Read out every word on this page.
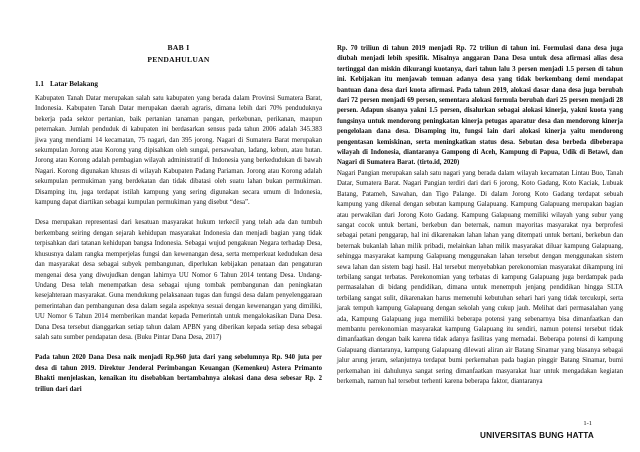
BAB I
PENDAHULUAN
1.1 Latar Belakang

Kabupaten Tanah Datar merupakan salah satu kabupaten yang berada dalam Provinsi Sumatera Barat, Indonesia. Kabupaten Tanah Datar merupakan daerah agraris, dimana lebih dari 70% penduduknya bekerja pada sektor pertanian, baik pertanian tanaman pangan, perkebunan, perikanan, maupun peternakan. Jumlah penduduk di kabupaten ini berdasarkan sensus pada tahun 2006 adalah 345.383 jiwa yang mendiami 14 kecamatan, 75 nagari, dan 395 jorong. Nagari di Sumatera Barat merupakan sekumpulan Jorong atau Korong yang dipisahkan oleh sungai, persawahan, ladang, kebun, atau hutan. Jorong atau Korong adalah pembagian wilayah administratif di Indonesia yang berkedudukan di bawah Nagari. Korong digunakan khusus di wilayah Kabupaten Padang Pariaman. Jorong atau Korong adalah sekumpulan permukiman yang berdekatan dan tidak dibatasi oleh suatu lahan bukan permukiman. Disamping itu, juga terdapat istilah kampung yang sering digunakan secara umum di Indonesia, kampung dapat diartikan sebagai kumpulan permukiman yang disebut “desa”.

Desa merupakan representasi dari kesatuan masyarakat hukum terkecil yang telah ada dan tumbuh berkembang seiring dengan sejarah kehidupan masyarakat Indonesia dan menjadi bagian yang tidak terpisahkan dari tatanan kehidupan bangsa Indonesia. Sebagai wujud pengakuan Negara terhadap Desa, khususnya dalam rangka memperjelas fungsi dan kewenangan desa, serta memperkuat kedudukan desa dan masyarakat desa sebagai subyek pembangunan, diperlukan kebijakan penataan dan pengaturan mengenai desa yang diwujudkan dengan lahirnya UU Nomor 6 Tahun 2014 tentang Desa. Undang-Undang Desa telah menempatkan desa sebagai ujung tombak pembangunan dan peningkatan kesejahteraan masyarakat. Guna mendukung pelaksanaan tugas dan fungsi desa dalam penyelenggaraan pemerintahan dan pembangunan desa dalam segala aspeknya sesuai dengan kewenangan yang dimiliki, UU Nomor 6 Tahun 2014 memberikan mandat kepada Pemerintah untuk mengalokasikan Dana Desa. Dana Desa tersebut dianggarkan setiap tahun dalam APBN yang diberikan kepada setiap desa sebagai salah satu sumber pendapatan desa. (Buku Pintar Dana Desa, 2017)

Pada tahun 2020 Dana Desa naik menjadi Rp.960 juta dari yang sebelumnya Rp. 940 juta per desa di tahun 2019. Direktur Jenderal Perimbangan Keuangan (Kemenkeu) Astera Primanto Bhakti menjelaskan, kenaikan itu disebabkan bertambahnya alokasi dana desa sebesar Rp. 2 triliun dari dari

Rp. 70 triliun di tahun 2019 menjadi Rp. 72 triliun di tahun ini. Formulasi dana desa juga diubah menjadi lebih spesifik. Misalnya anggaran Dana Desa untuk desa afirmasi alias desa tertinggal dan miskin dikurangi kuotanya, dari tahun lalu 3 persen menjadi 1.5 persen di tahun ini. Kebijakan itu menjawab temuan adanya desa yang tidak berkembang demi mendapat bantuan dana desa dari kuota afirmasi. Pada tahun 2019, alokasi dasar dana desa juga berubah dari 72 persen menjadi 69 persen, sementara alokasi formula berubah dari 25 persen menjadi 28 persen. Adapun sisanya yakni 1.5 persen, disalurkan sebagai alokasi kinerja, yakni kuota yang fungsinya untuk mendorong peningkatan kinerja petugas aparatur desa dan mendorong kinerja pengelolaan dana desa. Disamping itu, fungsi lain dari alokasi kinerja yaitu mendorong pengentasan kemiskinan, serta meningkatkan status desa. Sebutan desa berbeda dibeberapa wilayah di Indonesia, diantaranya Gampong di Aceh, Kampung di Papua, Udik di Betawi, dan Nagari di Sumatera Barat. (tirto.id, 2020)

Nagari Pangian merupakan salah satu nagari yang berada dalam wilayah kecamatan Lintau Buo, Tanah Datar, Sumatera Barat. Nagari Pangian terdiri dari dari 6 jorong, Koto Gadang, Koto Kaciak, Lubuak Batang, Patameh, Sawahan, dan Tigo Palange. Di dalam Jorong Koto Gadang terdapat sebuah kampung yang dikenal dengan sebutan kampung Galapuang. Kampung Galapuang merupakan bagian atau perwakilan dari Jorong Koto Gadang. Kampung Galapuang memiliki wilayah yang subur yang sangat cocok untuk bertani, berkebun dan beternak, namun mayoritas masyarakat nya berprofesi sebagai petani penggarap, hal ini dikarenakan lahan lahan yang ditempati untuk bertani, berkebun dan beternak bukanlah lahan milik pribadi, melainkan lahan milik masyarakat diluar kampung Galapuang, sehingga masyarakat kampung Galapuang menggunakan lahan tersebut dengan menggunakan sistem sewa lahan dan sistem bagi hasil. Hal tersebut menyebabkan perekonomian masyarakat dikampung ini terbilang sangat terbatas. Perekonomian yang terbatas di kampung Galapuang juga berdampak pada permasalahan di bidang pendidikan, dimana untuk menempuh jenjang pendidikan hingga SLTA terbilang sangat sulit, dikarenakan harus memenuhi kebutuhan sehari hari yang tidak tercukupi, serta jarak tempuh kampung Galapuang dengan sekolah yang cukup jauh. Melihat dari permasalahan yang ada, Kampung Galapuang juga memiliki beberapa potensi yang sebenarnya bisa dimanfaatkan dan membantu perekonomian masyarakat kampung Galapuang itu sendiri, namun potensi tersebut tidak dimanfaatkan dengan baik karena tidak adanya fasilitas yang memadai. Beberapa potensi di kampung Galapuang diantaranya, kampung Galapuang dilewati aliran air Batang Sinamar yang biasanya sebagai jalur arung jeram, selanjutnya terdapat bumi perkemahan pada bagian pinggir Batang Sinamar, bumi perkemahan ini dahulunya sangat sering dimanfaatkan masyarakat luar untuk mengadakan kegiatan berkemah, namun hal tersebut terhenti karena beberapa faktor, diantaranya

1-1
UNIVERSITAS BUNG HATTA
